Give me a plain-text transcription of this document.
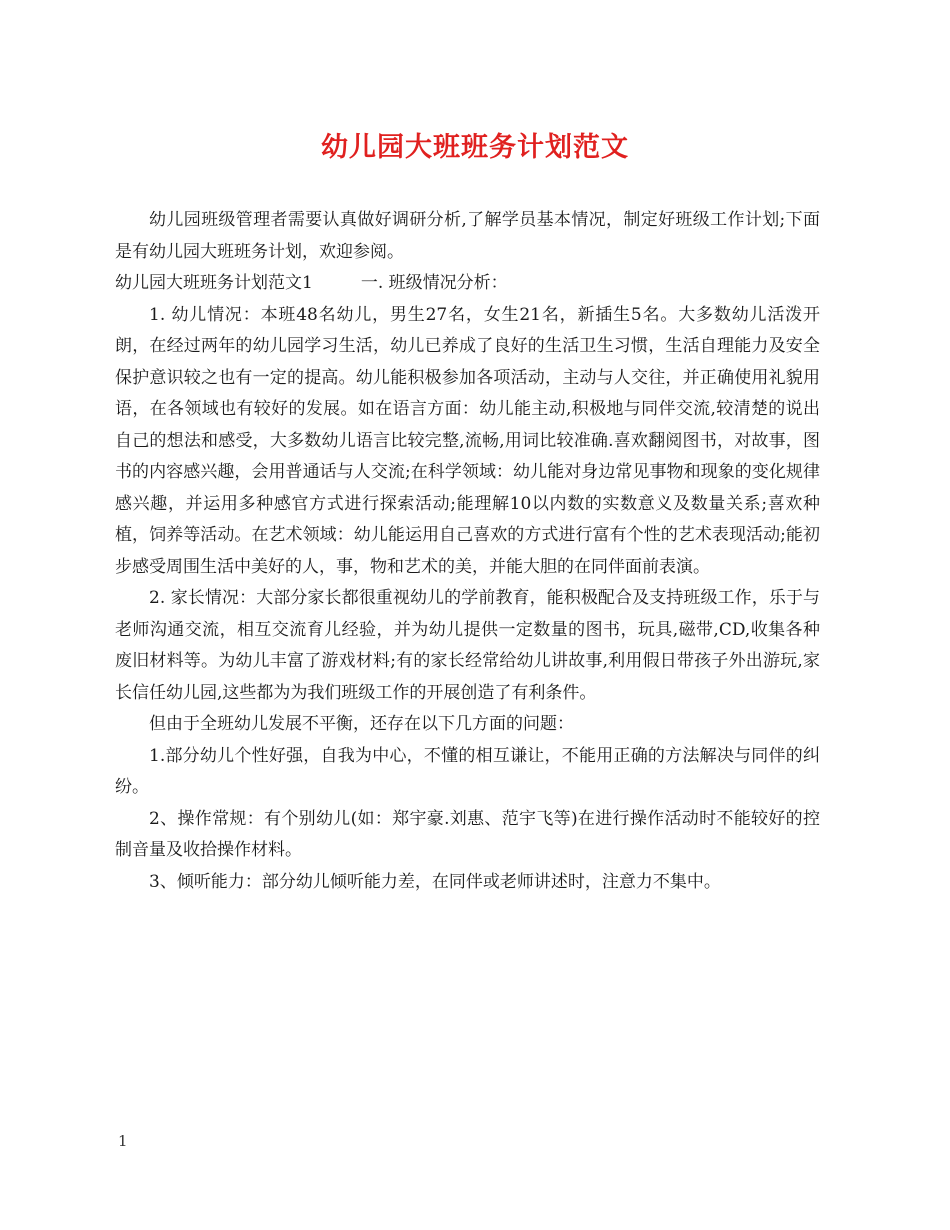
幼儿园大班班务计划范文

幼儿园班级管理者需要认真做好调研分析,了解学员基本情况，制定好班级工作计划;下面是有幼儿园大班班务计划，欢迎参阅。

幼儿园大班班务计划范文1	一. 班级情况分析：

1. 幼儿情况：本班48名幼儿，男生27名，女生21名，新插生5名。大多数幼儿活泼开朗，在经过两年的幼儿园学习生活，幼儿已养成了良好的生活卫生习惯，生活自理能力及安全保护意识较之也有一定的提高。幼儿能积极参加各项活动，主动与人交往，并正确使用礼貌用语，在各领域也有较好的发展。如在语言方面：幼儿能主动,积极地与同伴交流,较清楚的说出自己的想法和感受，大多数幼儿语言比较完整,流畅,用词比较准确.喜欢翻阅图书，对故事，图书的内容感兴趣，会用普通话与人交流;在科学领域：幼儿能对身边常见事物和现象的变化规律感兴趣，并运用多种感官方式进行探索活动;能理解10以内数的实数意义及数量关系;喜欢种植，饲养等活动。在艺术领域：幼儿能运用自己喜欢的方式进行富有个性的艺术表现活动;能初步感受周围生活中美好的人，事，物和艺术的美，并能大胆的在同伴面前表演。

2. 家长情况：大部分家长都很重视幼儿的学前教育，能积极配合及支持班级工作，乐于与老师沟通交流，相互交流育儿经验，并为幼儿提供一定数量的图书，玩具,磁带,CD,收集各种废旧材料等。为幼儿丰富了游戏材料;有的家长经常给幼儿讲故事,利用假日带孩子外出游玩,家长信任幼儿园,这些都为为我们班级工作的开展创造了有利条件。

但由于全班幼儿发展不平衡，还存在以下几方面的问题：

1.部分幼儿个性好强，自我为中心，不懂的相互谦让，不能用正确的方法解决与同伴的纠纷。

2、操作常规：有个别幼儿(如：郑宇豪.刘惠、范宇飞等)在进行操作活动时不能较好的控制音量及收拾操作材料。

3、倾听能力：部分幼儿倾听能力差，在同伴或老师讲述时，注意力不集中。

1
